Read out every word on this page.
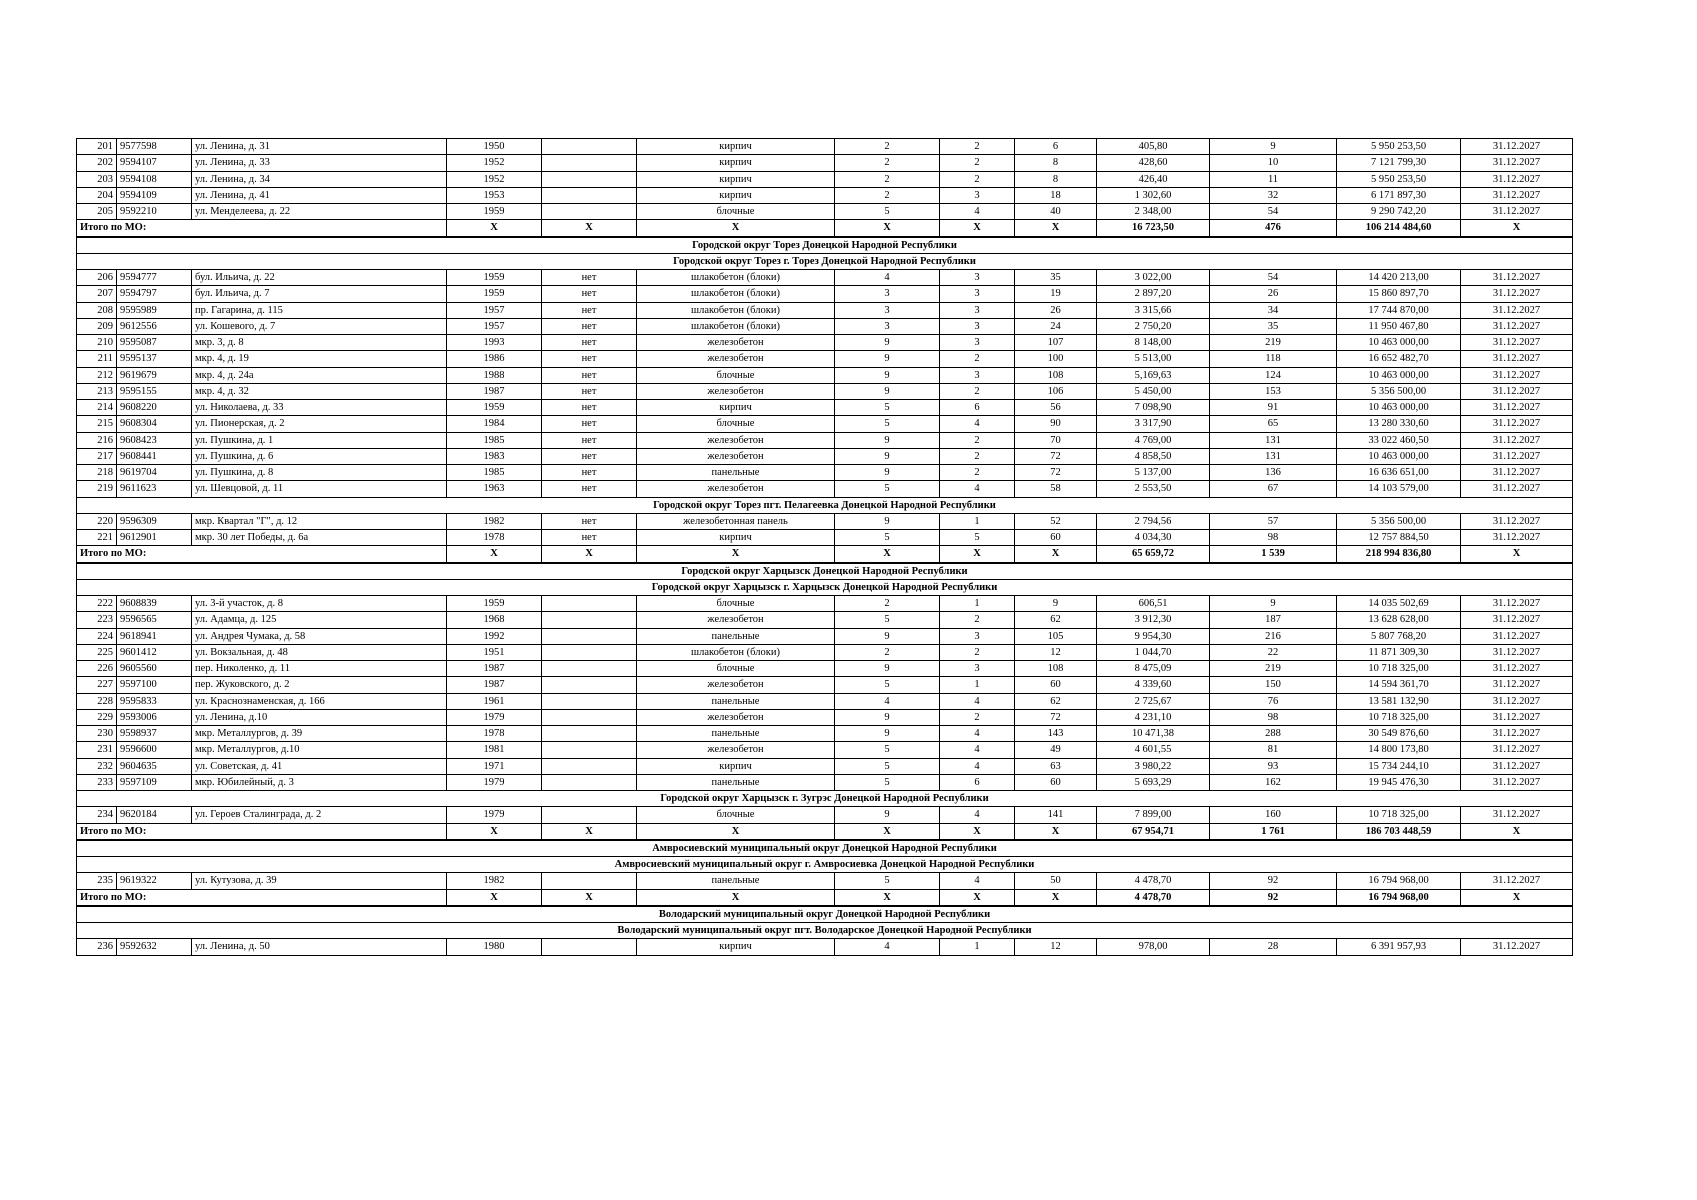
201	9577598	ул. Ленина, д. 31	1950		кирпич	2	2	6	405,80	9	5 950 253,50	31.12.2027
202	9594107	ул. Ленина, д. 33	1952		кирпич	2	2	8	428,60	10	7 121 799,30	31.12.2027
203	9594108	ул. Ленина, д. 34	1952		кирпич	2	2	8	426,40	11	5 950 253,50	31.12.2027
204	9594109	ул. Ленина, д. 41	1953		кирпич	2	3	18	1 302,60	32	6 171 897,30	31.12.2027
205	9592210	ул. Менделеева, д. 22	1959		блочные	5	4	40	2 348,00	54	9 290 742,20	31.12.2027
Итого по МО:			X	X	X	X	X	X	16 723,50	476	106 214 484,60	X
Городской округ Торез Донецкой Народной Республики												
Городской округ Торез г. Торез Донецкой Народной Республики												
206	9594777	бул. Ильича, д. 22	1959	нет	шлакобетон (блоки)	4	3	35	3 022,00	54	14 420 213,00	31.12.2027
207	9594797	бул. Ильича, д. 7	1959	нет	шлакобетон (блоки)	3	3	19	2 897,20	26	15 860 897,70	31.12.2027
208	9595989	пр. Гагарина, д. 115	1957	нет	шлакобетон (блоки)	3	3	26	3 315,66	34	17 744 870,00	31.12.2027
209	9612556	ул. Кошевого, д. 7	1957	нет	шлакобетон (блоки)	3	3	24	2 750,20	35	11 950 467,80	31.12.2027
210	9595087	мкр. 3, д. 8	1993	нет	железобетон	9	3	107	8 148,00	219	10 463 000,00	31.12.2027
211	9595137	мкр. 4, д. 19	1986	нет	железобетон	9	2	100	5 513,00	118	16 652 482,70	31.12.2027
212	9619679	мкр. 4, д. 24а	1988	нет	блочные	9	3	108	5,169,63	124	10 463 000,00	31.12.2027
213	9595155	мкр. 4, д. 32	1987	нет	железобетон	9	2	106	5 450,00	153	5 356 500,00	31.12.2027
214	9608220	ул. Николаева, д. 33	1959	нет	кирпич	5	6	56	7 098,90	91	10 463 000,00	31.12.2027
215	9608304	ул. Пионерская, д. 2	1984	нет	блочные	5	4	90	3 317,90	65	13 280 330,60	31.12.2027
216	9608423	ул. Пушкина, д. 1	1985	нет	железобетон	9	2	70	4 769,00	131	33 022 460,50	31.12.2027
217	9608441	ул. Пушкина, д. 6	1983	нет	железобетон	9	2	72	4 858,50	131	10 463 000,00	31.12.2027
218	9619704	ул. Пушкина, д. 8	1985	нет	панельные	9	2	72	5 137,00	136	16 636 651,00	31.12.2027
219	9611623	ул. Шевцовой, д. 11	1963	нет	железобетон	5	4	58	2 553,50	67	14 103 579,00	31.12.2027
Городской округ Торез пгт. Пелагеевка Донецкой Народной Республики												
220	9596309	мкр. Квартал "Г", д. 12	1982	нет	железобетонная панель	9	1	52	2 794,56	57	5 356 500,00	31.12.2027
221	9612901	мкр. 30 лет Победы, д. 6а	1978	нет	кирпич	5	5	60	4 034,30	98	12 757 884,50	31.12.2027
Итого по МО:			X	X	X	X	X	X	65 659,72	1 539	218 994 836,80	X
Городской округ Харцызск Донецкой Народной Республики												
Городской округ Харцызск г. Харцызск Донецкой Народной Республики												
222	9608839	ул. 3-й участок, д. 8	1959		блочные	2	1	9	606,51	9	14 035 502,69	31.12.2027
223	9596565	ул. Адамца, д. 125	1968		железобетон	5	2	62	3 912,30	187	13 628 628,00	31.12.2027
224	9618941	ул. Андрея Чумака, д. 58	1992		панельные	9	3	105	9 954,30	216	5 807 768,20	31.12.2027
225	9601412	ул. Вокзальная, д. 48	1951		шлакобетон (блоки)	2	2	12	1 044,70	22	11 871 309,30	31.12.2027
226	9605560	пер. Николенко, д. 11	1987		блочные	9	3	108	8 475,09	219	10 718 325,00	31.12.2027
227	9597100	пер. Жуковского, д. 2	1987		железобетон	5	1	60	4 339,60	150	14 594 361,70	31.12.2027
228	9595833	ул. Краснознаменская, д. 166	1961		панельные	4	4	62	2 725,67	76	13 581 132,90	31.12.2027
229	9593006	ул. Ленина, д.10	1979		железобетон	9	2	72	4 231,10	98	10 718 325,00	31.12.2027
230	9598937	мкр. Металлургов, д. 39	1978		панельные	9	4	143	10 471,38	288	30 549 876,60	31.12.2027
231	9596600	мкр. Металлургов, д.10	1981		железобетон	5	4	49	4 601,55	81	14 800 173,80	31.12.2027
232	9604635	ул. Советская, д. 41	1971		кирпич	5	4	63	3 980,22	93	15 734 244,10	31.12.2027
233	9597109	мкр. Юбилейный, д. 3	1979		панельные	5	6	60	5 693,29	162	19 945 476,30	31.12.2027
Городской округ Харцызск г. Зугрэс Донецкой Народной Республики												
234	9620184	ул. Героев Сталинграда, д. 2	1979		блочные	9	4	141	7 899,00	160	10 718 325,00	31.12.2027
Итого по МО:			X	X	X	X	X	X	67 954,71	1 761	186 703 448,59	X
Амвросиевский муниципальный округ Донецкой Народной Республики												
Амвросиевский муниципальный округ г. Амвросиевка Донецкой Народной Республики												
235	9619322	ул. Кутузова, д. 39	1982		панельные	5	4	50	4 478,70	92	16 794 968,00	31.12.2027
Итого по МО:			X	X	X	X	X	X	4 478,70	92	16 794 968,00	X
Володарский муниципальный округ Донецкой Народной Республики												
Володарский муниципальный округ пгт. Володарское Донецкой Народной Республики												
236	9592632	ул. Ленина, д. 50	1980		кирпич	4	1	12	978,00	28	6 391 957,93	31.12.2027
